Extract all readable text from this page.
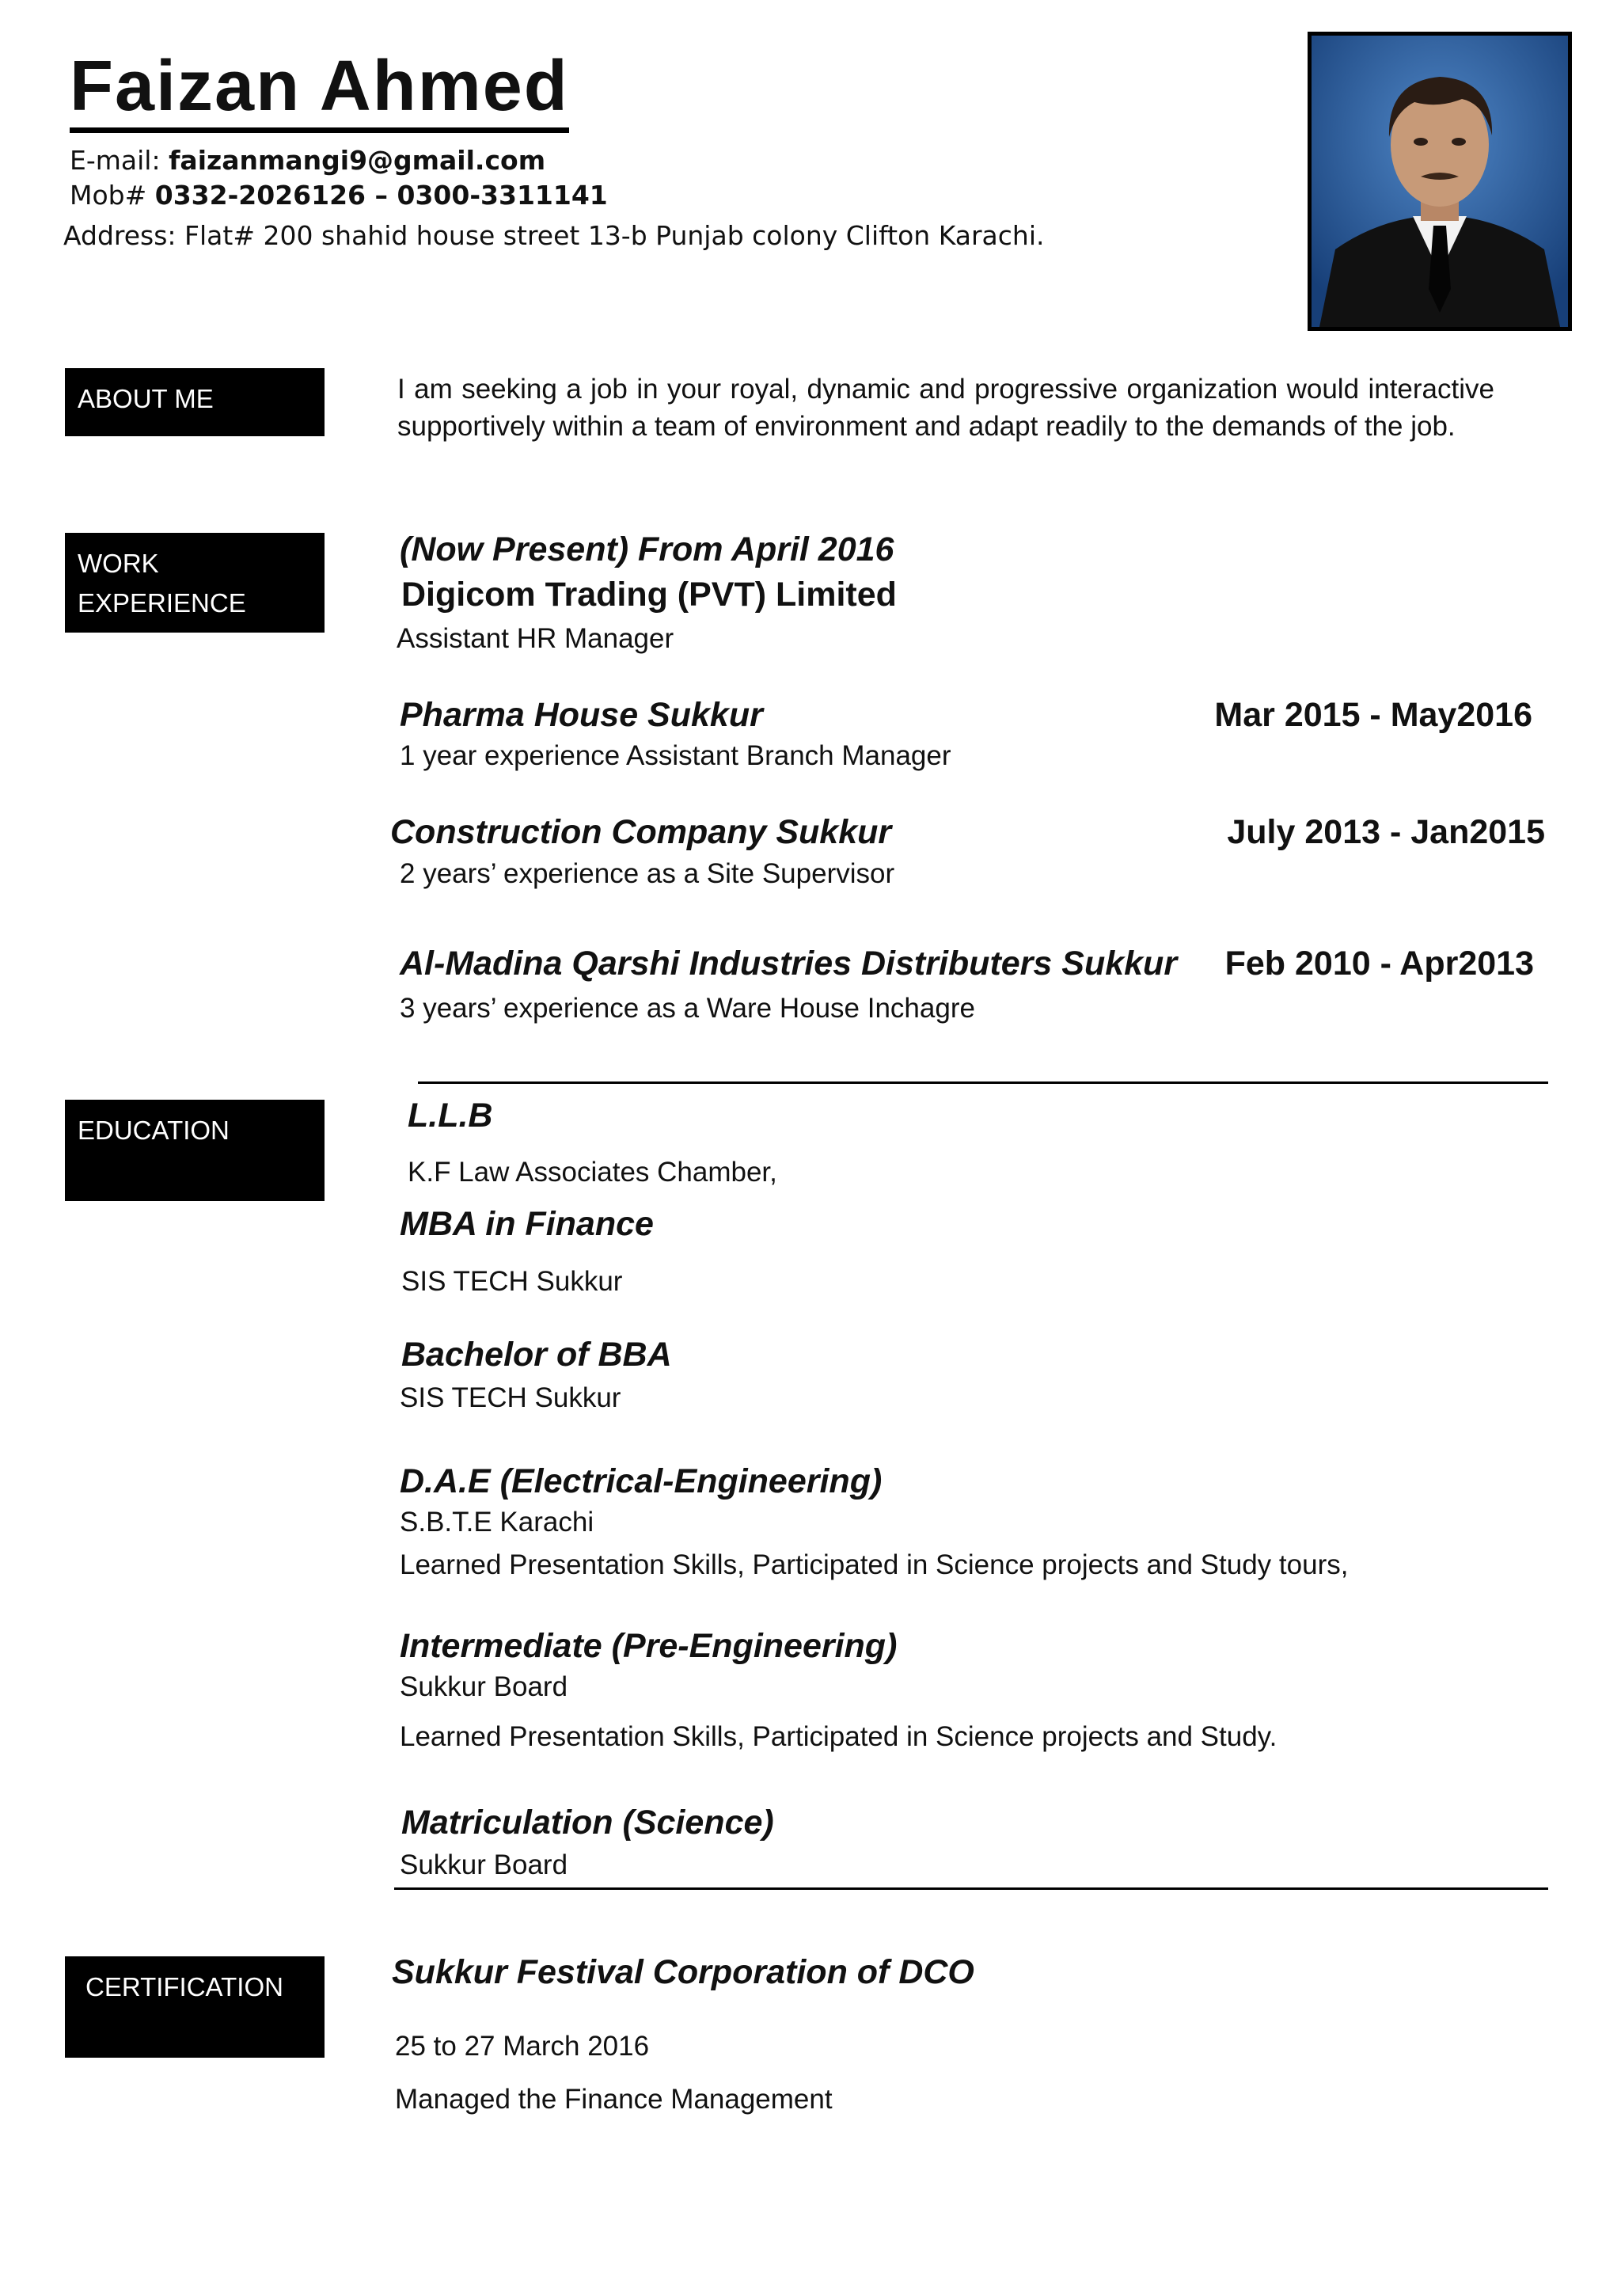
Faizan Ahmed
E-mail: faizanmangi9@gmail.com
Mob# 0332-2026126 – 0300-3311141
Address: Flat# 200 shahid house street 13-b Punjab colony Clifton Karachi.
ABOUT ME	I am seeking a job in your royal, dynamic and progressive organization would interactive supportively within a team of environment and adapt readily to the demands of the job.
WORK
EXPERIENCE
(Now Present) From April 2016
Digicom Trading (PVT) Limited
Assistant HR Manager
Pharma House Sukkur	Mar 2015 - May2016
1 year experience Assistant Branch Manager
Construction Company Sukkur	July 2013 - Jan2015
2 years’ experience as a Site Supervisor
Al-Madina Qarshi Industries Distributers Sukkur	Feb 2010 - Apr2013
3 years’ experience as a Ware House Inchagre
EDUCATION	L.L.B
K.F Law Associates Chamber,
MBA in Finance
SIS TECH Sukkur
Bachelor of BBA
SIS TECH Sukkur
D.A.E (Electrical-Engineering)
S.B.T.E Karachi
Learned Presentation Skills, Participated in Science projects and Study tours,
Intermediate (Pre-Engineering)
Sukkur Board
Learned Presentation Skills, Participated in Science projects and Study.
Matriculation (Science)
Sukkur Board
CERTIFICATION	Sukkur Festival Corporation of DCO
25 to 27 March 2016
Managed the Finance Management
